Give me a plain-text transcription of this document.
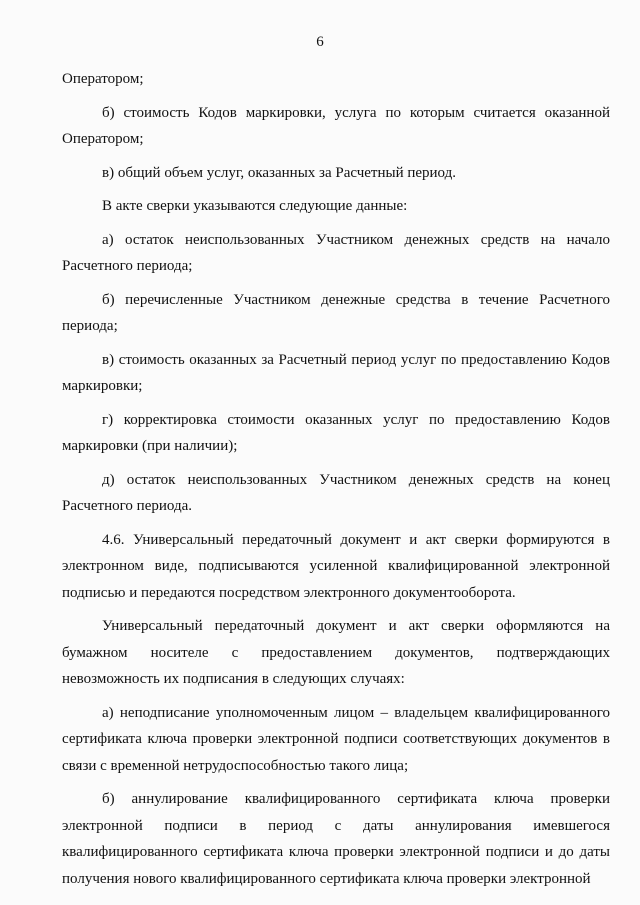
6

Оператором;

б) стоимость Кодов маркировки, услуга по которым считается оказанной Оператором;

в) общий объем услуг, оказанных за Расчетный период.

В акте сверки указываются следующие данные:

а) остаток неиспользованных Участником денежных средств на начало Расчетного периода;

б) перечисленные Участником денежные средства в течение Расчетного периода;

в) стоимость оказанных за Расчетный период услуг по предоставлению Кодов маркировки;

г) корректировка стоимости оказанных услуг по предоставлению Кодов маркировки (при наличии);

д) остаток неиспользованных Участником денежных средств на конец Расчетного периода.

4.6. Универсальный передаточный документ и акт сверки формируются в электронном виде, подписываются усиленной квалифицированной электронной подписью и передаются посредством электронного документооборота.

Универсальный передаточный документ и акт сверки оформляются на бумажном носителе с предоставлением документов, подтверждающих невозможность их подписания в следующих случаях:

а) неподписание уполномоченным лицом – владельцем квалифицированного сертификата ключа проверки электронной подписи соответствующих документов в связи с временной нетрудоспособностью такого лица;

б) аннулирование квалифицированного сертификата ключа проверки электронной подписи в период с даты аннулирования имевшегося квалифицированного сертификата ключа проверки электронной подписи и до даты получения нового квалифицированного сертификата ключа проверки электронной
